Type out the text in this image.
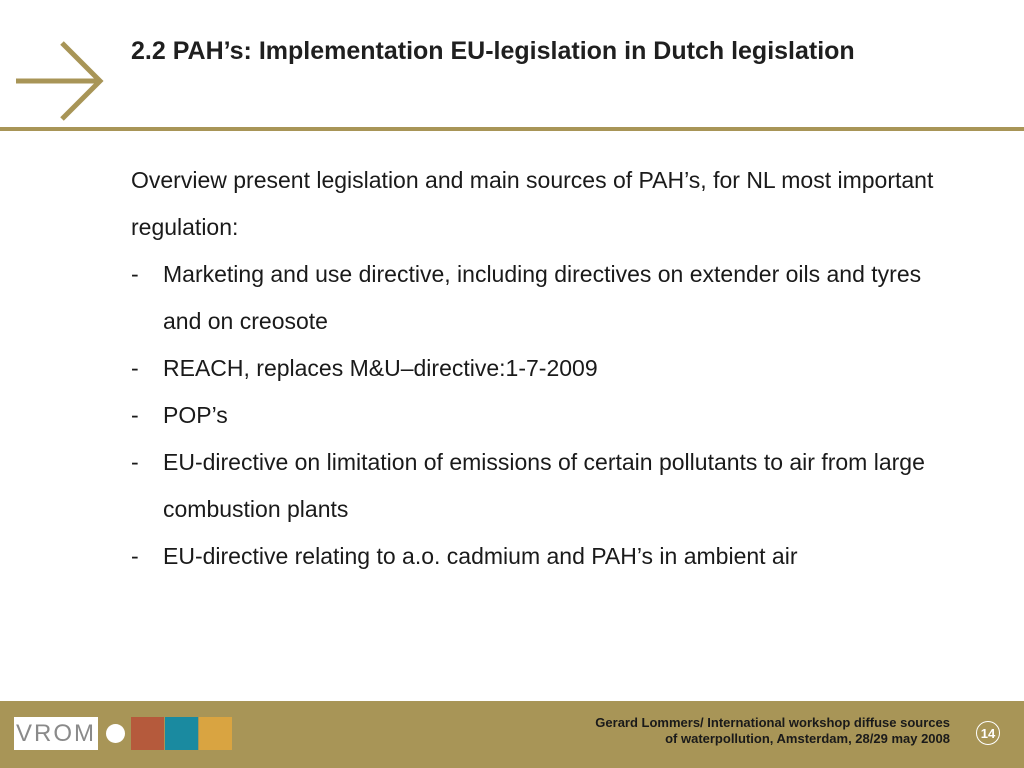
2.2 PAH’s: Implementation EU-legislation in Dutch legislation

Overview present legislation and main sources of PAH’s, for NL most important regulation:

- Marketing and use directive, including directives on extender oils and tyres and on creosote
- REACH, replaces M&U–directive:1-7-2009
- POP’s
- EU-directive on limitation of emissions of certain pollutants to air from large combustion plants
- EU-directive relating to a.o. cadmium and PAH’s in ambient air
VROM	Gerard Lommers/ International workshop diffuse sources
of waterpollution, Amsterdam, 28/29 may 2008	14
